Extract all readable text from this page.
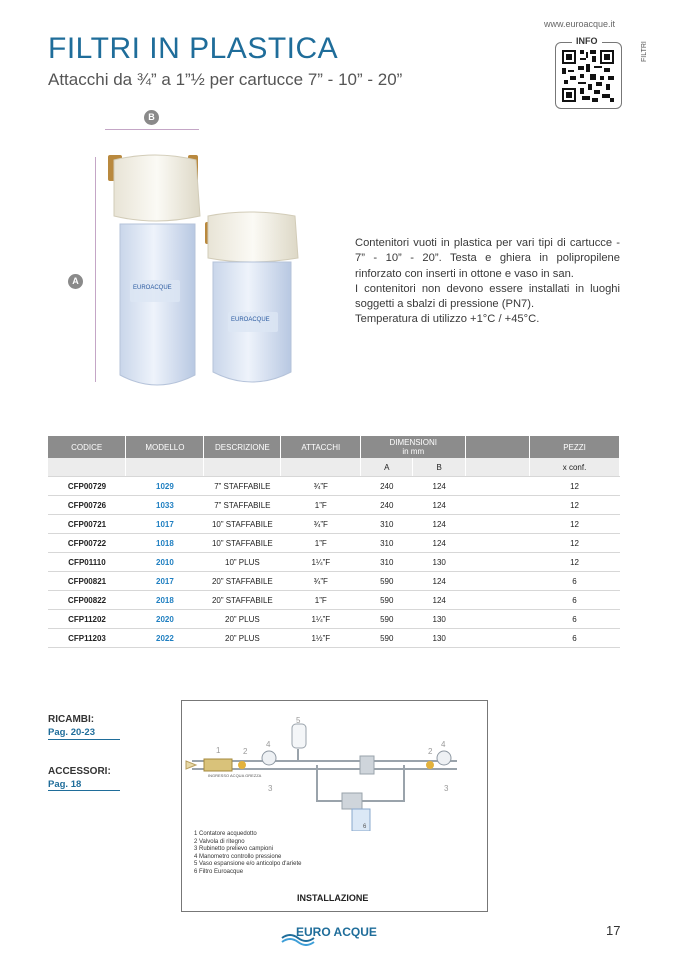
www.euroacque.it
FILTRI IN PLASTICA
Attacchi da ¾” a 1”½ per cartucce 7” - 10” - 20”
INFO
FILTRI
B
A
EUROACQUE
EUROACQUE

Contenitori vuoti in plastica per vari tipi di cartucce - 7” - 10” - 20”. Testa e ghiera in polipropilene rinforzato con inserti in ottone e vaso in san.

I contenitori non devono essere installati in luoghi soggetti a sbalzi di pressione (PN7).

Temperatura di utilizzo +1°C / +45°C.

CODICE	MODELLO	DESCRIZIONE	ATTACCHI	DIMENSIONI
in mm			PEZZI
				A	B		x conf.
CFP00729	1029	7” STAFFABILE	¾”F	240	124		12
CFP00726	1033	7” STAFFABILE	1”F	240	124		12
CFP00721	1017	10” STAFFABILE	¾”F	310	124		12
CFP00722	1018	10” STAFFABILE	1”F	310	124		12
CFP01110	2010	10” PLUS	1¼”F	310	130		12
CFP00821	2017	20” STAFFABILE	¾”F	590	124		6
CFP00822	2018	20” STAFFABILE	1”F	590	124		6
CFP11202	2020	20” PLUS	1¼”F	590	130		6
CFP11203	2022	20” PLUS	1½”F	590	130		6
RICAMBI:
Pag. 20-23
ACCESSORI:
Pag. 18
1	2
3
4
5
2
3
4
6
INGRESSO ACQUA GREZZA
1 Contatore acquedotto
2 Valvola di ritegno
3 Rubinetto prelievo campioni
4 Manometro controllo pressione
5 Vaso espansione e/o anticolpo d'ariete
6 Filtro Euroacque
INSTALLAZIONE
EURO ACQUE	17
